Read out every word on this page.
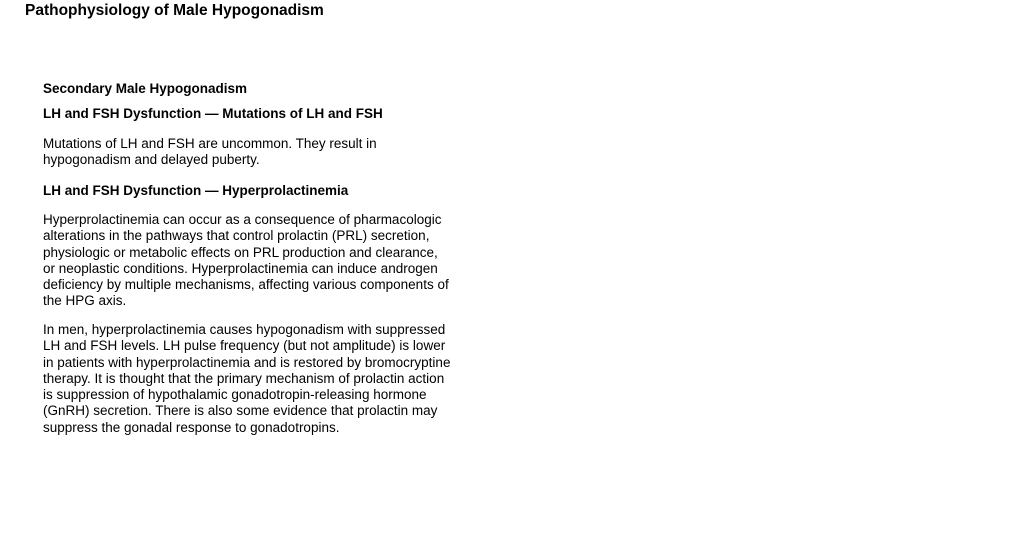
Pathophysiology of Male Hypogonadism
Secondary Male Hypogonadism
LH and FSH Dysfunction — Mutations of LH and FSH

Mutations of LH and FSH are uncommon. They result in
hypogonadism and delayed puberty.

LH and FSH Dysfunction — Hyperprolactinemia

Hyperprolactinemia can occur as a consequence of pharmacologic
alterations in the pathways that control prolactin (PRL) secretion,
physiologic or metabolic effects on PRL production and clearance,
or neoplastic conditions. Hyperprolactinemia can induce androgen
deficiency by multiple mechanisms, affecting various components of
the HPG axis.

In men, hyperprolactinemia causes hypogonadism with suppressed
LH and FSH levels. LH pulse frequency (but not amplitude) is lower
in patients with hyperprolactinemia and is restored by bromocryptine
therapy. It is thought that the primary mechanism of prolactin action
is suppression of hypothalamic gonadotropin-releasing hormone
(GnRH) secretion. There is also some evidence that prolactin may
suppress the gonadal response to gonadotropins.
